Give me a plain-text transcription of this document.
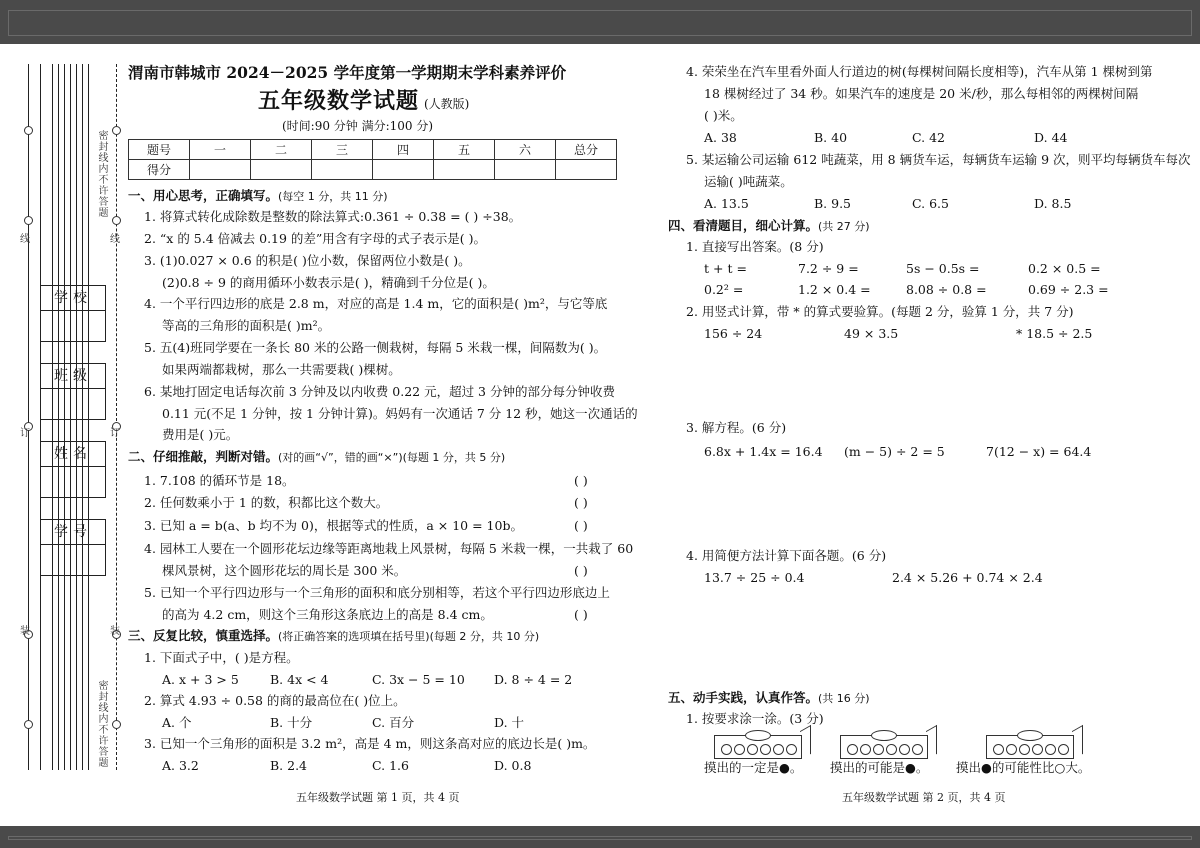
密封线内不许答题
密封线内不许答题
线	线
订	订
装	装
学校
班级
姓名
学号
渭南市韩城市 2024－2025 学年度第一学期期末学科素养评价
五年级数学试题 (人教版)
(时间:90 分钟 满分:100 分)
题号	一	二	三	四	五	六	总分
得分							
一、用心思考，正确填写。(每空 1 分，共 11 分)
1. 将算式转化成除数是整数的除法算式:0.361 ÷ 0.38 = ( ) ÷38。
2. “x 的 5.4 倍减去 0.19 的差”用含有字母的式子表示是( )。
3. (1)0.027 × 0.6 的积是( )位小数，保留两位小数是( )。
(2)0.8 ÷ 9 的商用循环小数表示是( )，精确到千分位是( )。
4. 一个平行四边形的底是 2.8 m，对应的高是 1.4 m，它的面积是( )m²，与它等底
等高的三角形的面积是( )m²。
5. 五(4)班同学要在一条长 80 米的公路一侧栽树，每隔 5 米栽一棵，间隔数为( )。
如果两端都栽树，那么一共需要栽( )棵树。
6. 某地打固定电话每次前 3 分钟及以内收费 0.22 元，超过 3 分钟的部分每分钟收费
0.11 元(不足 1 分钟，按 1 分钟计算)。妈妈有一次通话 7 分 12 秒，她这一次通话的
费用是( )元。
二、仔细推敲，判断对错。(对的画“√”，错的画“×”)(每题 1 分，共 5 分)
1. 7.1̇08̇ 的循环节是 18。	( )
2. 任何数乘小于 1 的数，积都比这个数大。	( )
3. 已知 a = b(a、b 均不为 0)，根据等式的性质，a × 10 = 10b。	( )
4. 园林工人要在一个圆形花坛边缘等距离地栽上风景树，每隔 5 米栽一棵，一共栽了 60
棵风景树，这个圆形花坛的周长是 300 米。	( )
5. 已知一个平行四边形与一个三角形的面积和底分别相等，若这个平行四边形底边上
的高为 4.2 cm，则这个三角形这条底边上的高是 8.4 cm。	( )
三、反复比较，慎重选择。(将正确答案的选项填在括号里)(每题 2 分，共 10 分)
1. 下面式子中，( )是方程。
A. x + 3 > 5 B. 4x < 4	C. 3x − 5 = 10 D. 8 ÷ 4 = 2
2. 算式 4.93 ÷ 0.58 的商的最高位在( )位上。
A. 个	B. 十分	C. 百分	D. 十
3. 已知一个三角形的面积是 3.2 m²，高是 4 m，则这条高对应的底边长是( )m。
A. 3.2	B. 2.4	C. 1.6	D. 0.8
五年级数学试题 第 1 页，共 4 页
4. 荣荣坐在汽车里看外面人行道边的树(每棵树间隔长度相等)，汽车从第 1 棵树到第
18 棵树经过了 34 秒。如果汽车的速度是 20 米/秒，那么每相邻的两棵树间隔
( )米。
A. 38	B. 40	C. 42	D. 44
5. 某运输公司运输 612 吨蔬菜，用 8 辆货车运，每辆货车运输 9 次，则平均每辆货车每次
运输( )吨蔬菜。
A. 13.5	B. 9.5	C. 6.5	D. 8.5
四、看清题目，细心计算。(共 27 分)
1. 直接写出答案。(8 分)
t + t =	7.2 ÷ 9 =	5s − 0.5s =	0.2 × 0.5 =
0.2² =	1.2 × 0.4 =	8.08 ÷ 0.8 =	0.69 ÷ 2.3 =
2. 用竖式计算，带 * 的算式要验算。(每题 2 分，验算 1 分，共 7 分)
156 ÷ 24	49 × 3.5	* 18.5 ÷ 2.5
3. 解方程。(6 分)
6.8x + 1.4x = 16.4 (m − 5) ÷ 2 = 5	7(12 − x) = 64.4
4. 用简便方法计算下面各题。(6 分)
13.7 ÷ 25 ÷ 0.4	2.4 × 5.26 + 0.74 × 2.4
五、动手实践，认真作答。(共 16 分)
1. 按要求涂一涂。(3 分)
摸出的一定是●。 摸出的可能是●。 摸出●的可能性比○大。
五年级数学试题 第 2 页，共 4 页
